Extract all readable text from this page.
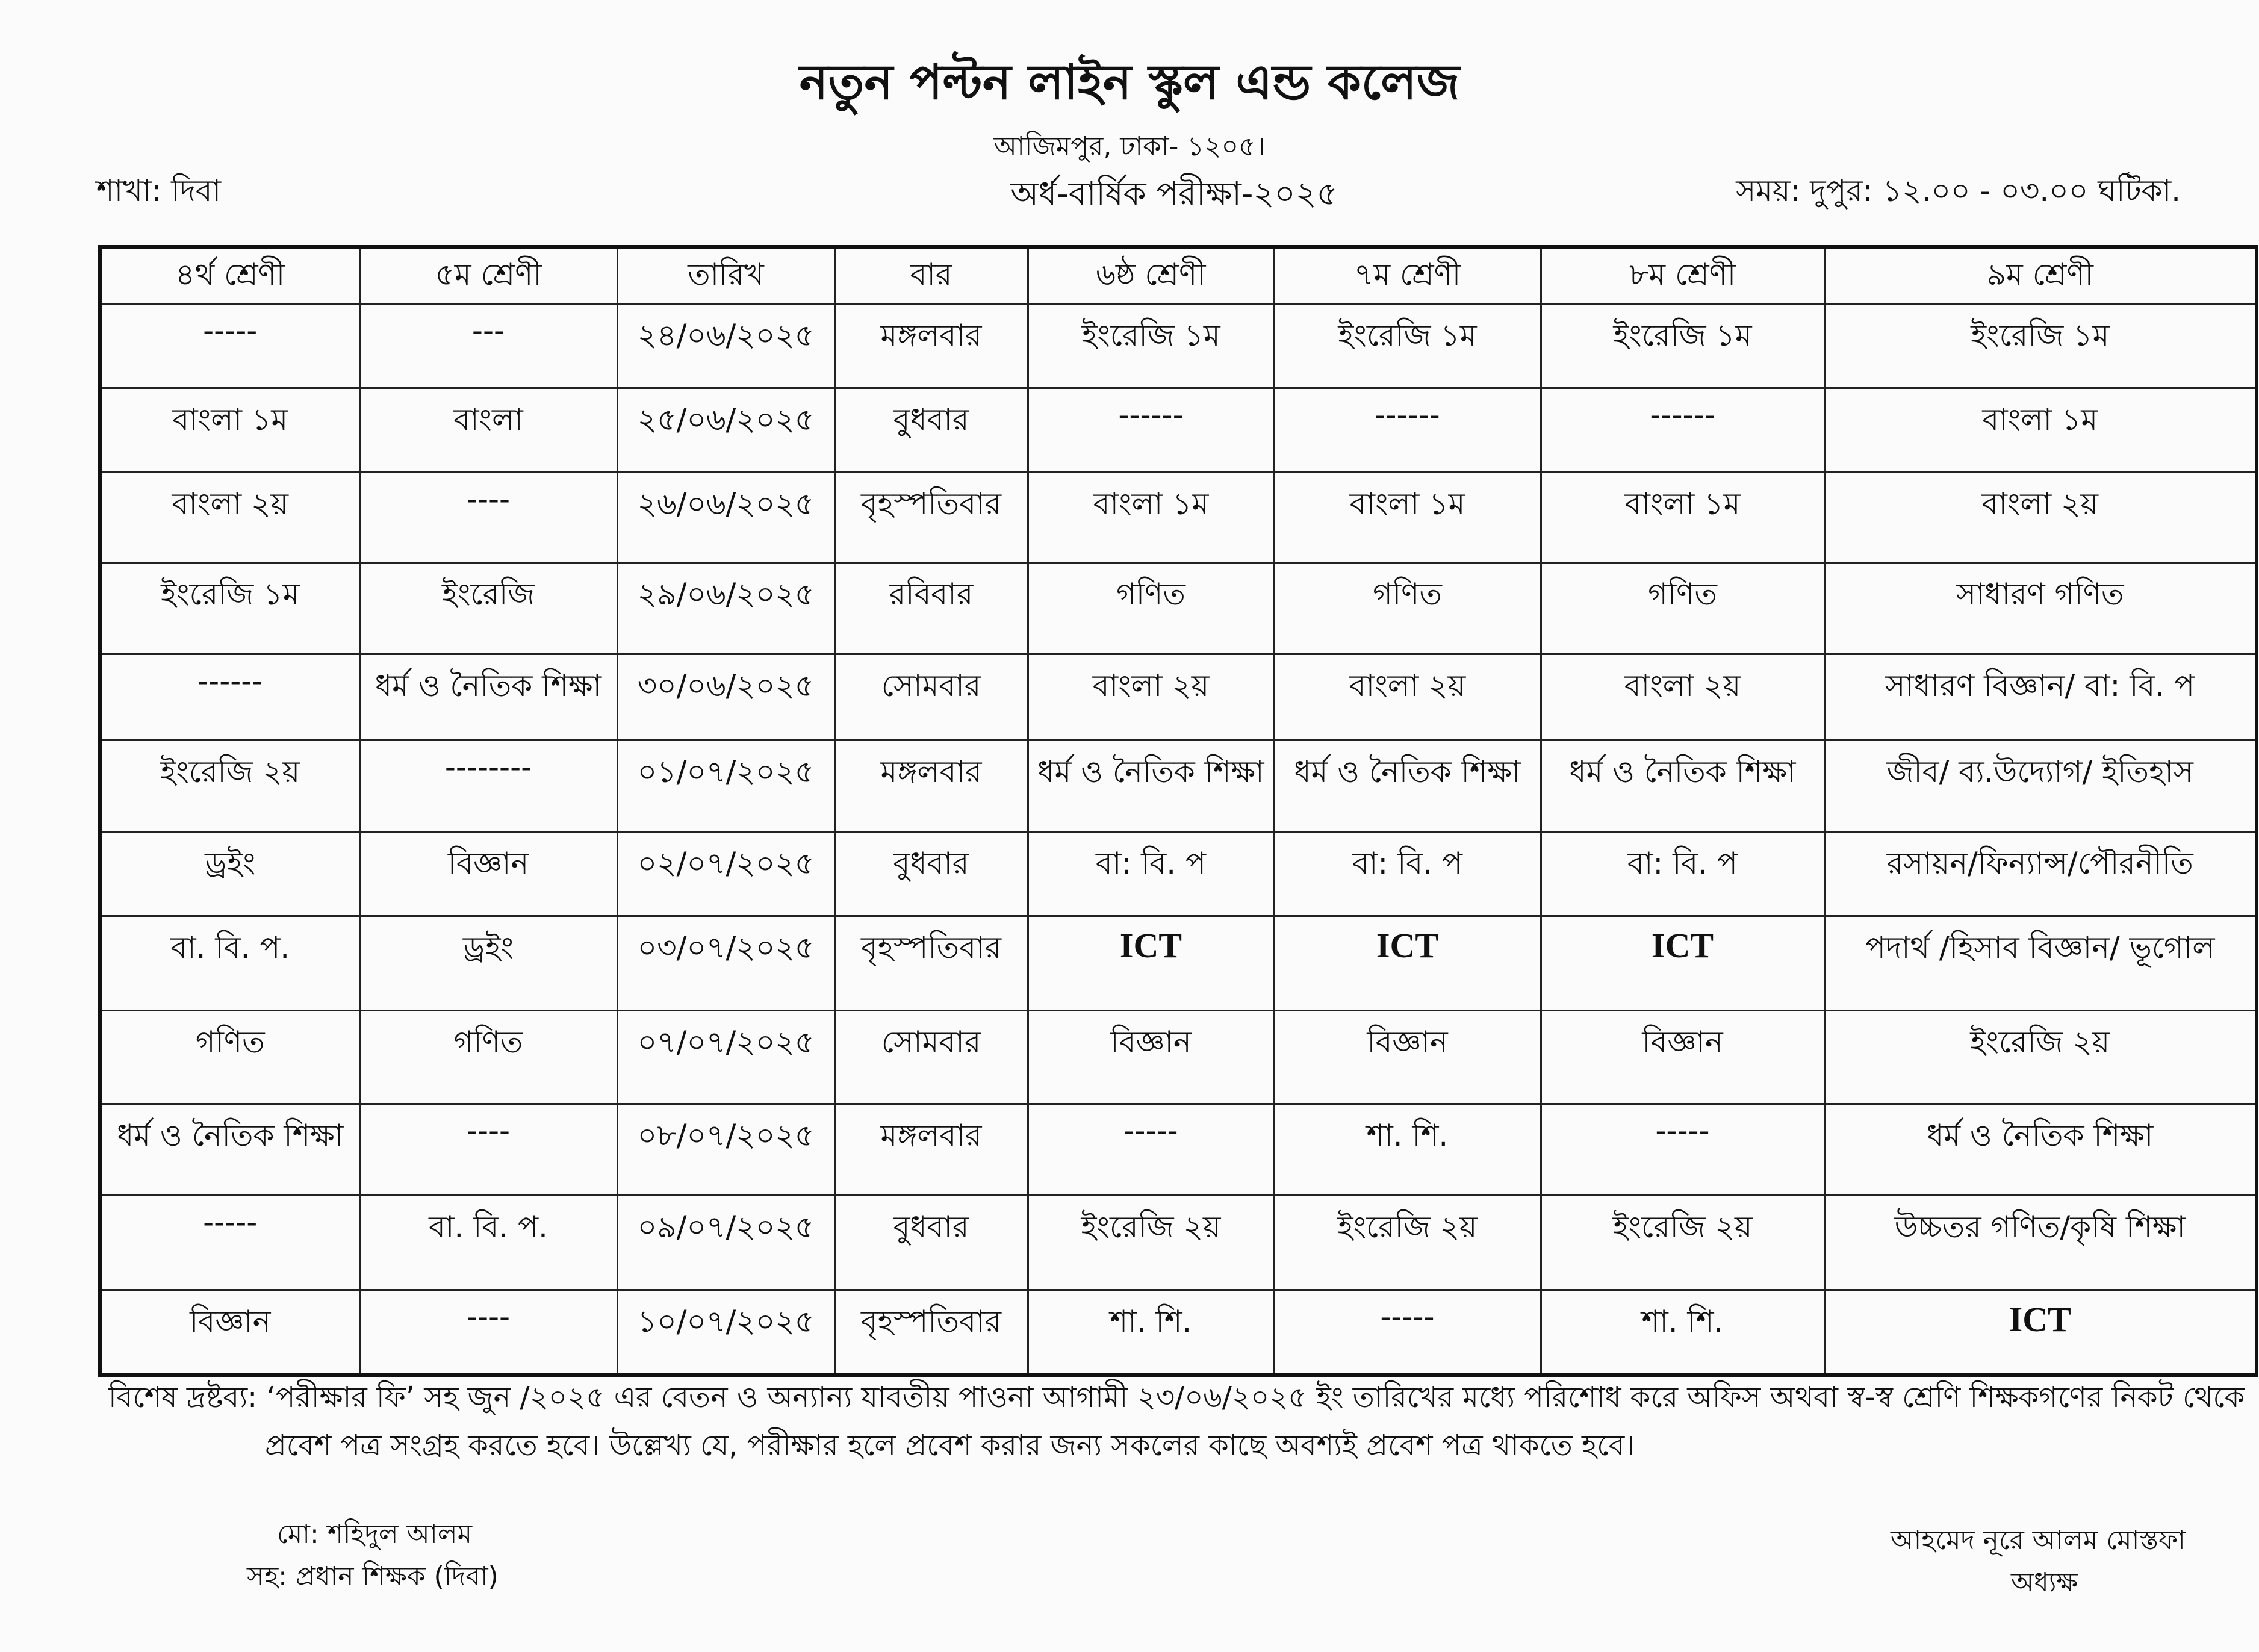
নতুন পল্টন লাইন স্কুল এন্ড কলেজ
আজিমপুর, ঢাকা- ১২০৫।
শাখা: দিবা	অর্ধ-বার্ষিক পরীক্ষা-২০২৫	সময়: দুপুর: ১২.০০ - ০৩.০০ ঘটিকা.
৪র্থ শ্রেণী	৫ম শ্রেণী	তারিখ	বার	৬ষ্ঠ শ্রেণী	৭ম শ্রেণী	৮ম শ্রেণী	৯ম শ্রেণী
-----	---	২৪/০৬/২০২৫	মঙ্গলবার	ইংরেজি ১ম	ইংরেজি ১ম	ইংরেজি ১ম	ইংরেজি ১ম
বাংলা ১ম	বাংলা	২৫/০৬/২০২৫	বুধবার	------	------	------	বাংলা ১ম
বাংলা ২য়	----	২৬/০৬/২০২৫	বৃহস্পতিবার	বাংলা ১ম	বাংলা ১ম	বাংলা ১ম	বাংলা ২য়
ইংরেজি ১ম	ইংরেজি	২৯/০৬/২০২৫	রবিবার	গণিত	গণিত	গণিত	সাধারণ গণিত
------	ধর্ম ও নৈতিক শিক্ষা	৩০/০৬/২০২৫	সোমবার	বাংলা ২য়	বাংলা ২য়	বাংলা ২য়	সাধারণ বিজ্ঞান/ বা: বি. প
ইংরেজি ২য়	--------	০১/০৭/২০২৫	মঙ্গলবার	ধর্ম ও নৈতিক শিক্ষা	ধর্ম ও নৈতিক শিক্ষা	ধর্ম ও নৈতিক শিক্ষা	জীব/ ব্য.উদ্যোগ/ ইতিহাস
ড্রইং	বিজ্ঞান	০২/০৭/২০২৫	বুধবার	বা: বি. প	বা: বি. প	বা: বি. প	রসায়ন/ফিন্যান্স/পৌরনীতি
বা. বি. প.	ড্রইং	০৩/০৭/২০২৫	বৃহস্পতিবার	ICT	ICT	ICT	পদার্থ /হিসাব বিজ্ঞান/ ভূগোল
গণিত	গণিত	০৭/০৭/২০২৫	সোমবার	বিজ্ঞান	বিজ্ঞান	বিজ্ঞান	ইংরেজি ২য়
ধর্ম ও নৈতিক শিক্ষা	----	০৮/০৭/২০২৫	মঙ্গলবার	-----	শা. শি.	-----	ধর্ম ও নৈতিক শিক্ষা
-----	বা. বি. প.	০৯/০৭/২০২৫	বুধবার	ইংরেজি ২য়	ইংরেজি ২য়	ইংরেজি ২য়	উচ্চতর গণিত/কৃষি শিক্ষা
বিজ্ঞান	----	১০/০৭/২০২৫	বৃহস্পতিবার	শা. শি.	-----	শা. শি.	ICT
বিশেষ দ্রষ্টব্য: ‘পরীক্ষার ফি’ সহ জুন /২০২৫ এর বেতন ও অন্যান্য যাবতীয় পাওনা আগামী ২৩/০৬/২০২৫ ইং তারিখের মধ্যে পরিশোধ করে অফিস অথবা স্ব-স্ব শ্রেণি শিক্ষকগণের নিকট থেকে
প্রবেশ পত্র সংগ্রহ করতে হবে। উল্লেখ্য যে, পরীক্ষার হলে প্রবেশ করার জন্য সকলের কাছে অবশ্যই প্রবেশ পত্র থাকতে হবে।
মো: শহিদুল আলম
সহ: প্রধান শিক্ষক (দিবা)
আহমেদ নূরে আলম মোস্তফা
অধ্যক্ষ
